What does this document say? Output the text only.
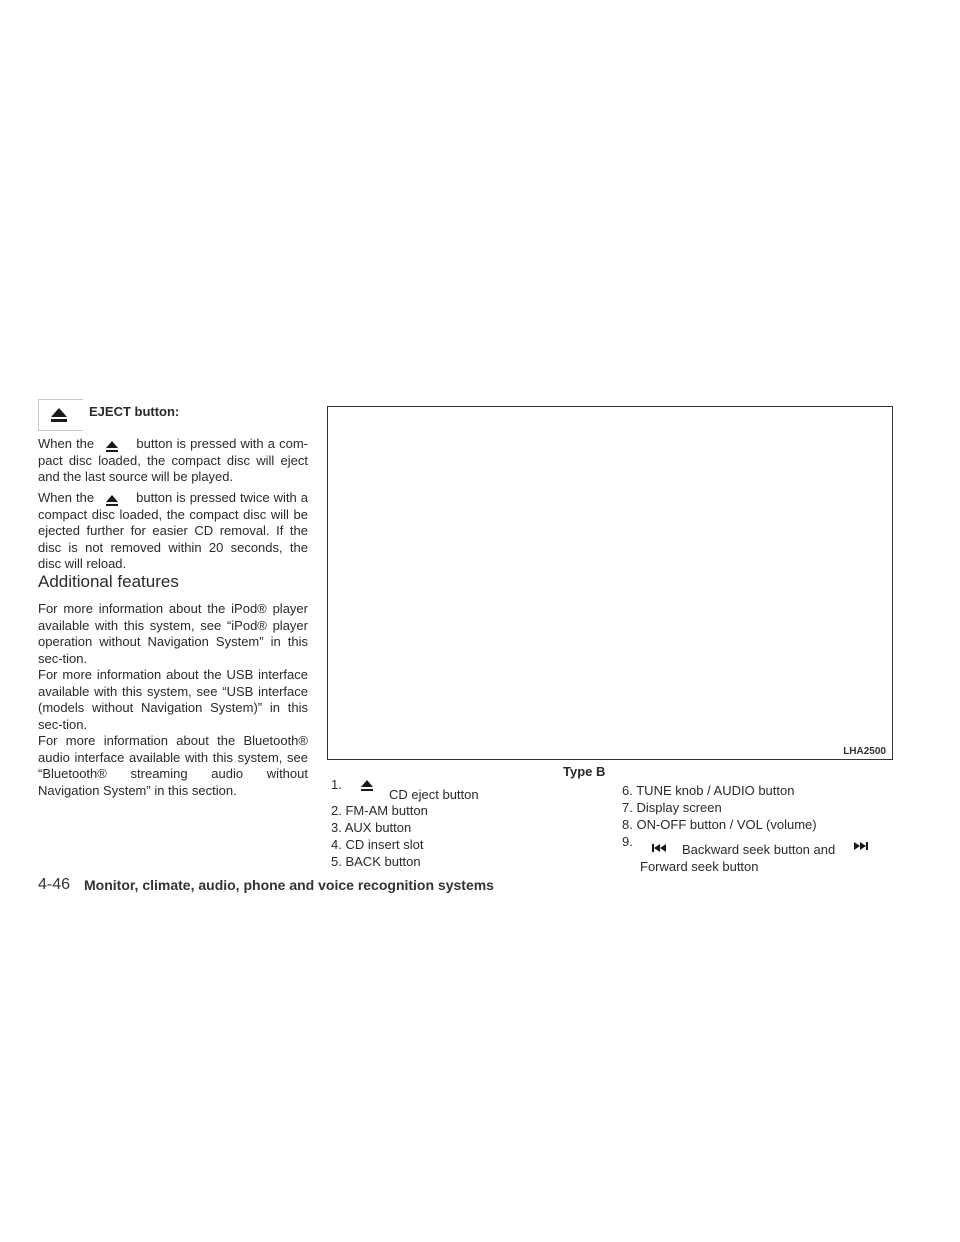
EJECT button:
When the	button is pressed with a com-pact disc loaded, the compact disc will eject and the last source will be played.
When the	button is pressed twice with a compact disc loaded, the compact disc will be ejected further for easier CD removal. If the disc is not removed within 20 seconds, the disc will reload.
Additional features
For more information about the iPod® player available with this system, see “iPod® player operation without Navigation System” in this sec-tion.
For more information about the USB interface available with this system, see “USB interface (models without Navigation System)” in this sec-tion.
For more information about the Bluetooth® audio interface available with this system, see “Bluetooth® streaming audio without Navigation System” in this section.
LHA2500
Type B
1.
CD eject button
2. FM-AM button
3. AUX button
4. CD insert slot
5. BACK button
6. TUNE knob / AUDIO button
7. Display screen
8. ON-OFF button / VOL (volume)
9.
Backward seek button and
Forward seek button
4-46 Monitor, climate, audio, phone and voice recognition systems
